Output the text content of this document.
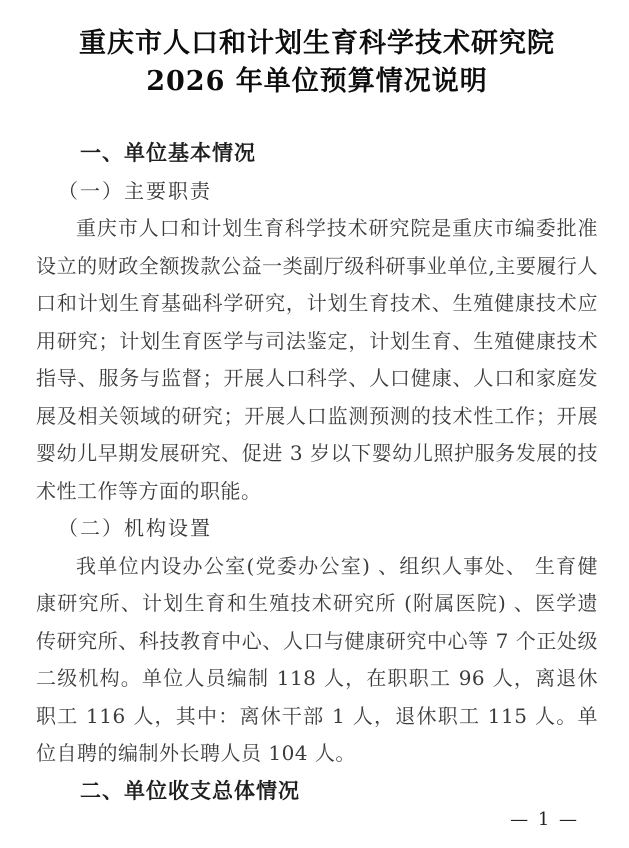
重庆市人口和计划生育科学技术研究院
2026 年单位预算情况说明
一、单位基本情况
（一）主要职责

重庆市人口和计划生育科学技术研究院是重庆市编委批准设立的财政全额拨款公益一类副厅级科研事业单位,主要履行人口和计划生育基础科学研究，计划生育技术、生殖健康技术应用研究；计划生育医学与司法鉴定，计划生育、生殖健康技术指导、服务与监督；开展人口科学、人口健康、人口和家庭发展及相关领域的研究；开展人口监测预测的技术性工作；开展婴幼儿早期发展研究、促进 3 岁以下婴幼儿照护服务发展的技术性工作等方面的职能。

（二）机构设置

我单位内设办公室(党委办公室) 、组织人事处、 生育健康研究所、计划生育和生殖技术研究所 (附属医院) 、医学遗传研究所、科技教育中心、人口与健康研究中心等 7 个正处级二级机构。单位人员编制 118 人，在职职工 96 人，离退休职工 116 人，其中：离休干部 1 人，退休职工 115 人。单位自聘的编制外长聘人员 104 人。

二、单位收支总体情况
— 1 —
